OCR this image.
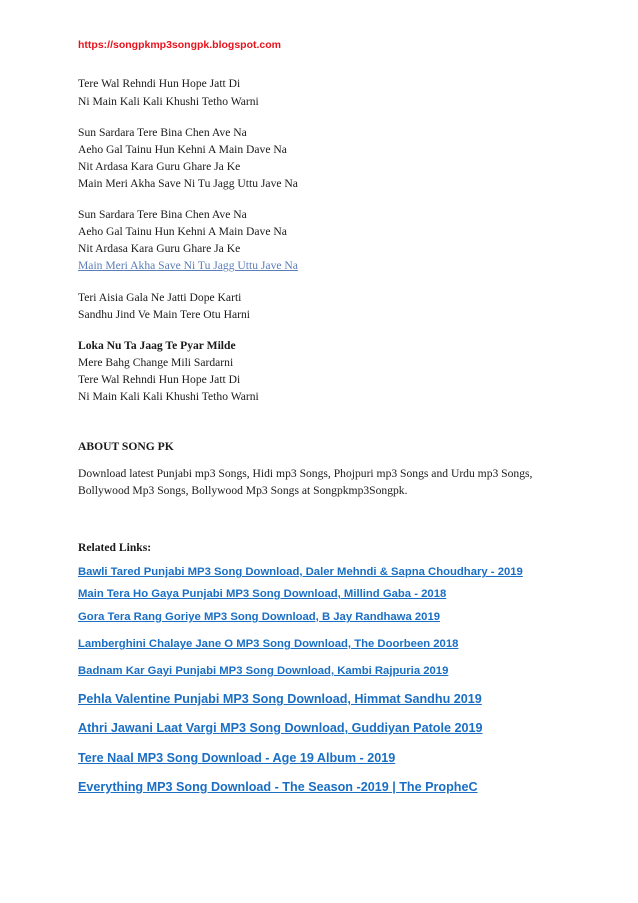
https://songpkmp3songpk.blogspot.com
Tere Wal Rehndi Hun Hope Jatt Di
Ni Main Kali Kali Khushi Tetho Warni
Sun Sardara Tere Bina Chen Ave Na
Aeho Gal Tainu Hun Kehni A Main Dave Na
Nit Ardasa Kara Guru Ghare Ja Ke
Main Meri Akha Save Ni Tu Jagg Uttu Jave Na
Sun Sardara Tere Bina Chen Ave Na
Aeho Gal Tainu Hun Kehni A Main Dave Na
Nit Ardasa Kara Guru Ghare Ja Ke
Main Meri Akha Save Ni Tu Jagg Uttu Jave Na
Teri Aisia Gala Ne Jatti Dope Karti
Sandhu Jind Ve Main Tere Otu Harni
Loka Nu Ta Jaag Te Pyar Milde
Mere Bahg Change Mili Sardarni
Tere Wal Rehndi Hun Hope Jatt Di
Ni Main Kali Kali Khushi Tetho Warni
ABOUT SONG PK
Download latest Punjabi mp3 Songs, Hidi mp3 Songs, Phojpuri mp3 Songs and Urdu mp3 Songs, Bollywood Mp3 Songs, Bollywood Mp3 Songs at Songpkmp3Songpk.
Related Links:
Bawli Tared Punjabi MP3 Song Download, Daler Mehndi & Sapna Choudhary - 2019
Main Tera Ho Gaya Punjabi MP3 Song Download, Millind Gaba - 2018
Gora Tera Rang Goriye MP3 Song Download, B Jay Randhawa 2019
Lamberghini Chalaye Jane O MP3 Song Download, The Doorbeen 2018
Badnam Kar Gayi Punjabi MP3 Song Download, Kambi Rajpuria 2019
Pehla Valentine Punjabi MP3 Song Download, Himmat Sandhu 2019
Athri Jawani Laat Vargi MP3 Song Download, Guddiyan Patole 2019
Tere Naal MP3 Song Download - Age 19 Album - 2019
Everything MP3 Song Download - The Season -2019 | The PropheC
